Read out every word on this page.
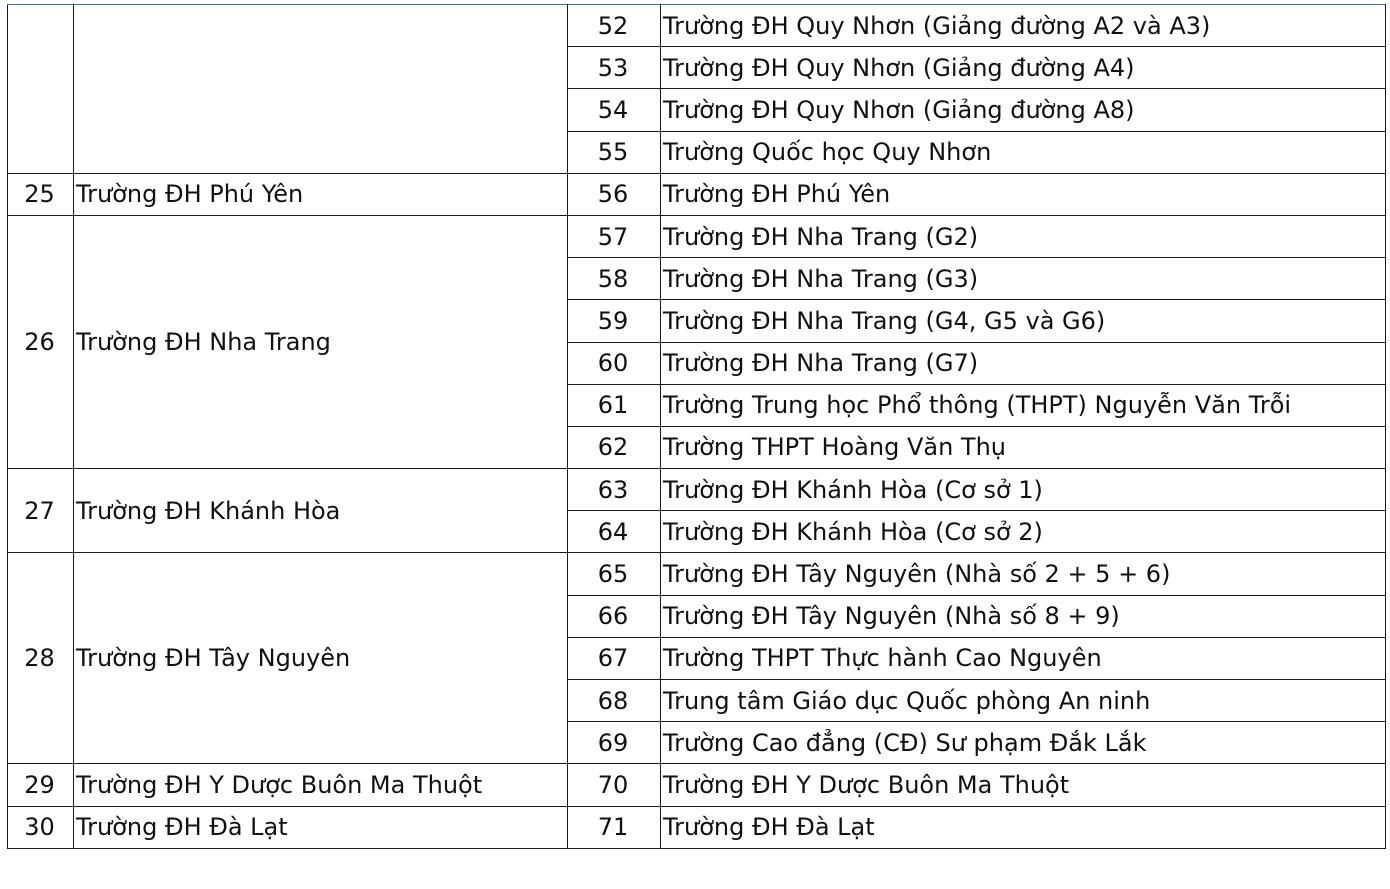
		52	Trường ĐH Quy Nhơn (Giảng đường A2 và A3)
		53	Trường ĐH Quy Nhơn (Giảng đường A4)
		54	Trường ĐH Quy Nhơn (Giảng đường A8)
		55	Trường Quốc học Quy Nhơn
25	Trường ĐH Phú Yên	56	Trường ĐH Phú Yên
26	Trường ĐH Nha Trang	57	Trường ĐH Nha Trang (G2)
		58	Trường ĐH Nha Trang (G3)
		59	Trường ĐH Nha Trang (G4, G5 và G6)
		60	Trường ĐH Nha Trang (G7)
		61	Trường Trung học Phổ thông (THPT) Nguyễn Văn Trỗi
		62	Trường THPT Hoàng Văn Thụ
27	Trường ĐH Khánh Hòa	63	Trường ĐH Khánh Hòa (Cơ sở 1)
		64	Trường ĐH Khánh Hòa (Cơ sở 2)
28	Trường ĐH Tây Nguyên	65	Trường ĐH Tây Nguyên (Nhà số 2 + 5 + 6)
		66	Trường ĐH Tây Nguyên (Nhà số 8 + 9)
		67	Trường THPT Thực hành Cao Nguyên
		68	Trung tâm Giáo dục Quốc phòng An ninh
		69	Trường Cao đẳng (CĐ) Sư phạm Đắk Lắk
29	Trường ĐH Y Dược Buôn Ma Thuột	70	Trường ĐH Y Dược Buôn Ma Thuột
30	Trường ĐH Đà Lạt	71	Trường ĐH Đà Lạt
